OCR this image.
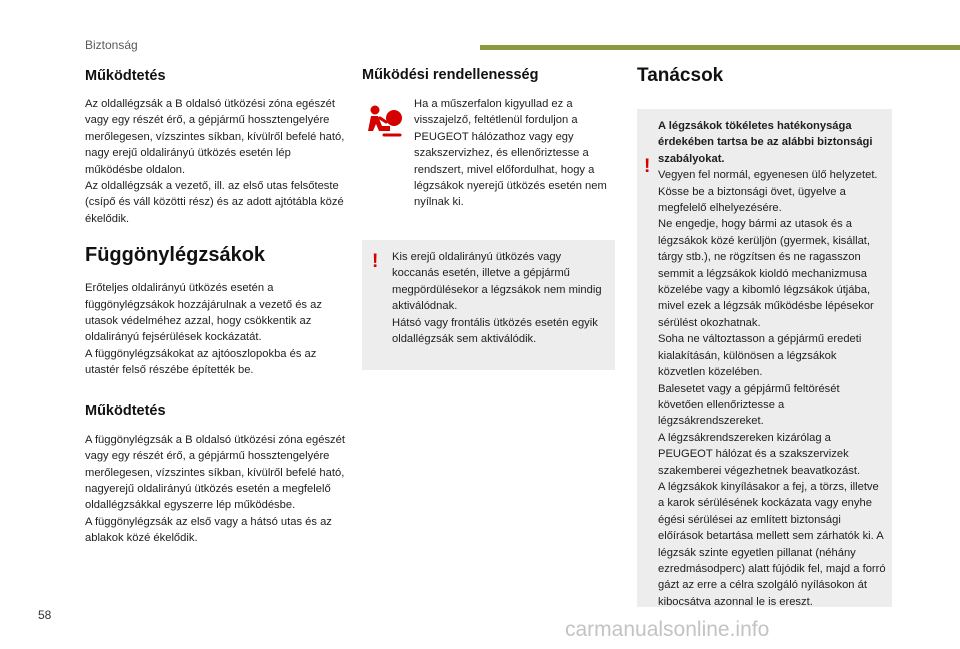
Biztonság
Működtetés

Az oldallégzsák a B oldalsó ütközési zóna egészét vagy egy részét érő, a gépjármű hossztengelyére merőlegesen, vízszintes síkban, kívülről befelé ható, nagy erejű oldalirányú ütközés esetén lép működésbe oldalon.
Az oldallégzsák a vezető, ill. az első utas felsőteste (csípő és váll közötti rész) és az adott ajtótábla közé ékelődik.

Függönylégzsákok

Erőteljes oldalirányú ütközés esetén a függönylégzsákok hozzájárulnak a vezető és az utasok védelméhez azzal, hogy csökkentik az oldalirányú fejsérülések kockázatát.
A függönylégzsákokat az ajtóoszlopokba és az utastér felső részébe építették be.

Működtetés

A függönylégzsák a B oldalsó ütközési zóna egészét vagy egy részét érő, a gépjármű hossztengelyére merőlegesen, vízszintes síkban, kívülről befelé ható, nagyerejű oldalirányú ütközés esetén a megfelelő oldallégzsákkal egyszerre lép működésbe.
A függönylégzsák az első vagy a hátsó utas és az ablakok közé ékelődik.

Működési rendellenesség

Ha a műszerfalon kigyullad ez a visszajelző, feltétlenül forduljon a PEUGEOT hálózathoz vagy egy szakszervizhez, és ellenőriztesse a rendszert, mivel előfordulhat, hogy a légzsákok nyerejű ütközés esetén nem nyílnak ki.

! Kis erejű oldalirányú ütközés vagy koccanás esetén, illetve a gépjármű megpördülésekor a légzsákok nem mindig aktiválódnak.
Hátsó vagy frontális ütközés esetén egyik oldallégzsák sem aktiválódik.

Tanácsok
!

A légzsákok tökéletes hatékonysága érdekében tartsa be az alábbi biztonsági szabályokat.

Vegyen fel normál, egyenesen ülő helyzetet.
Kösse be a biztonsági övet, ügyelve a megfelelő elhelyezésére.
Ne engedje, hogy bármi az utasok és a légzsákok közé kerüljön (gyermek, kisállat, tárgy stb.), ne rögzítsen és ne ragasszon semmit a légzsákok kioldó mechanizmusa közelébe vagy a kibomló légzsákok útjába, mivel ezek a légzsák működésbe lépésekor sérülést okozhatnak.
Soha ne változtasson a gépjármű eredeti kialakításán, különösen a légzsákok közvetlen közelében.
Balesetet vagy a gépjármű feltörését követően ellenőriztesse a légzsákrendszereket.
A légzsákrendszereken kizárólag a PEUGEOT hálózat és a szakszervizek szakemberei végezhetnek beavatkozást.
A légzsákok kinyílásakor a fej, a törzs, illetve a karok sérülésének kockázata vagy enyhe égési sérülései az említett biztonsági előírások betartása mellett sem zárhatók ki. A légzsák szinte egyetlen pillanat (néhány ezredmásodperc) alatt fújódik fel, majd a forró gázt az erre a célra szolgáló nyílásokon át kibocsátva azonnal le is ereszt.

58
carmanualsonline.info
